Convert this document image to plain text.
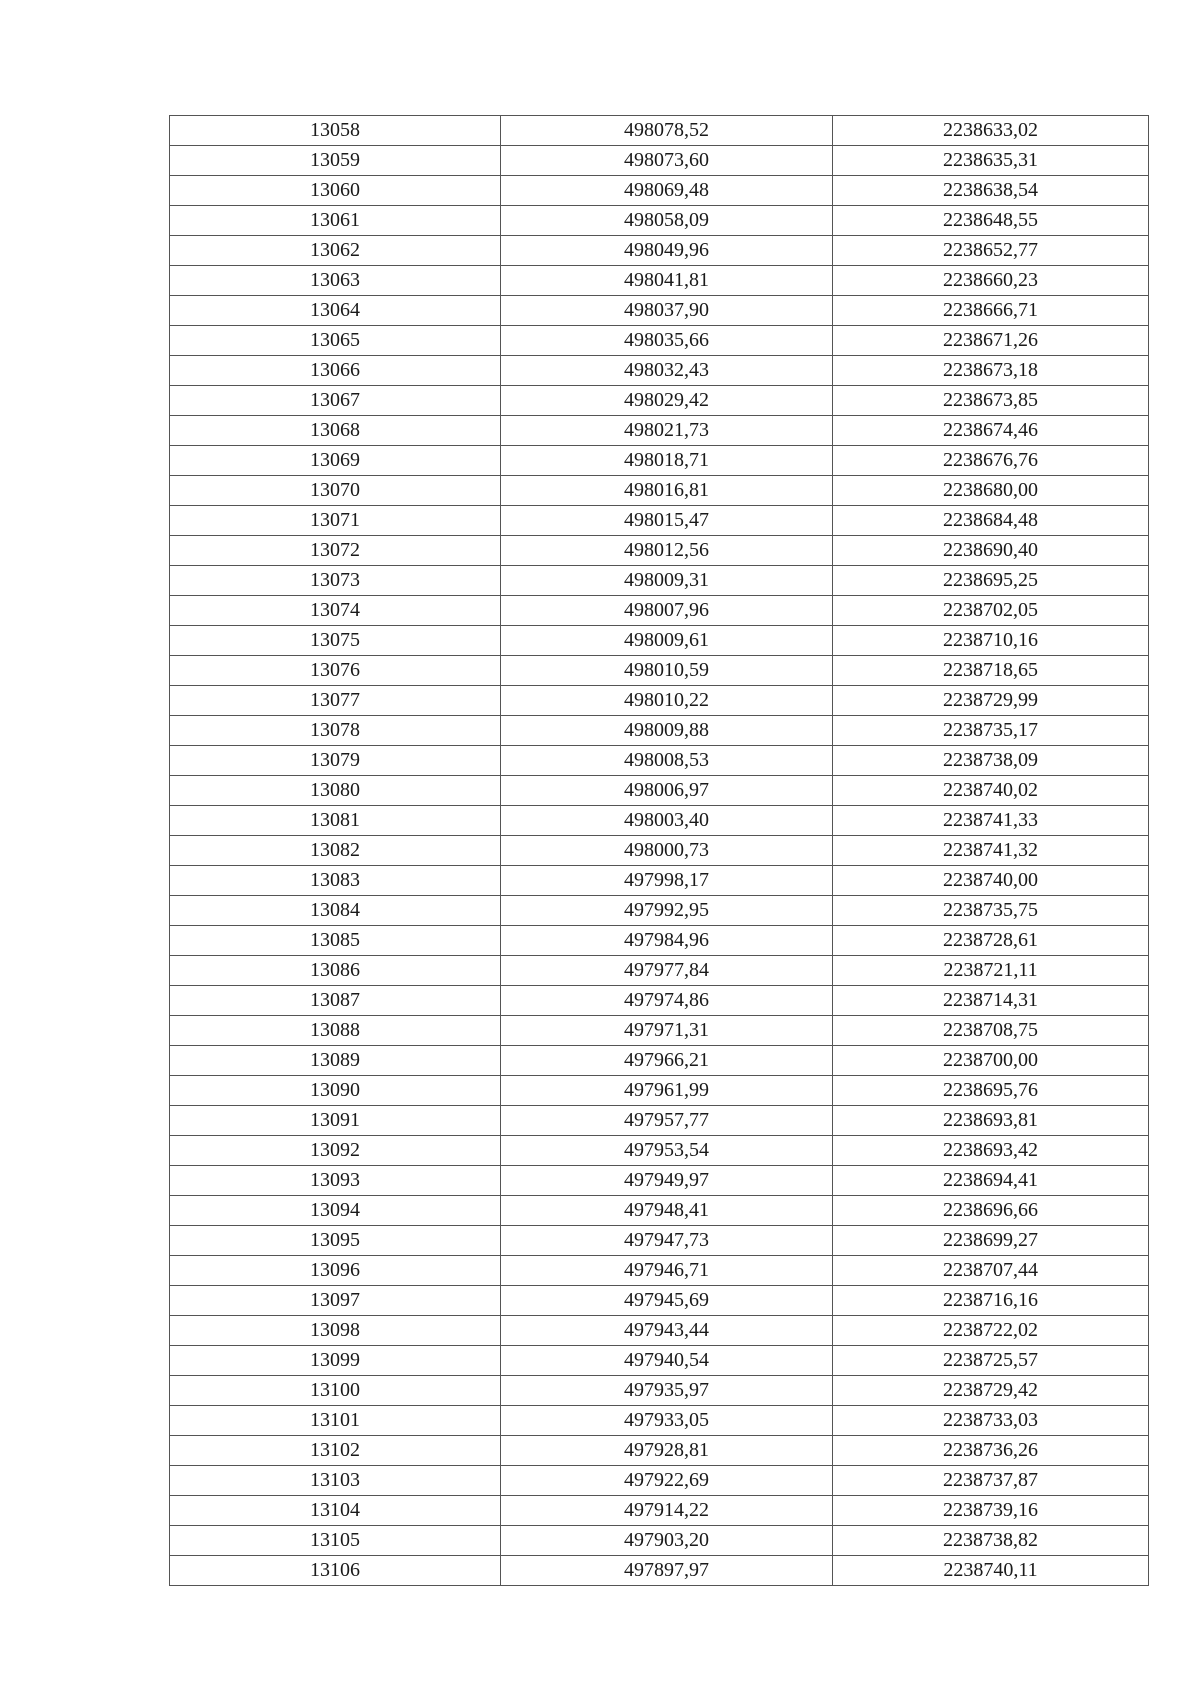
13058	498078,52	2238633,02
13059	498073,60	2238635,31
13060	498069,48	2238638,54
13061	498058,09	2238648,55
13062	498049,96	2238652,77
13063	498041,81	2238660,23
13064	498037,90	2238666,71
13065	498035,66	2238671,26
13066	498032,43	2238673,18
13067	498029,42	2238673,85
13068	498021,73	2238674,46
13069	498018,71	2238676,76
13070	498016,81	2238680,00
13071	498015,47	2238684,48
13072	498012,56	2238690,40
13073	498009,31	2238695,25
13074	498007,96	2238702,05
13075	498009,61	2238710,16
13076	498010,59	2238718,65
13077	498010,22	2238729,99
13078	498009,88	2238735,17
13079	498008,53	2238738,09
13080	498006,97	2238740,02
13081	498003,40	2238741,33
13082	498000,73	2238741,32
13083	497998,17	2238740,00
13084	497992,95	2238735,75
13085	497984,96	2238728,61
13086	497977,84	2238721,11
13087	497974,86	2238714,31
13088	497971,31	2238708,75
13089	497966,21	2238700,00
13090	497961,99	2238695,76
13091	497957,77	2238693,81
13092	497953,54	2238693,42
13093	497949,97	2238694,41
13094	497948,41	2238696,66
13095	497947,73	2238699,27
13096	497946,71	2238707,44
13097	497945,69	2238716,16
13098	497943,44	2238722,02
13099	497940,54	2238725,57
13100	497935,97	2238729,42
13101	497933,05	2238733,03
13102	497928,81	2238736,26
13103	497922,69	2238737,87
13104	497914,22	2238739,16
13105	497903,20	2238738,82
13106	497897,97	2238740,11
